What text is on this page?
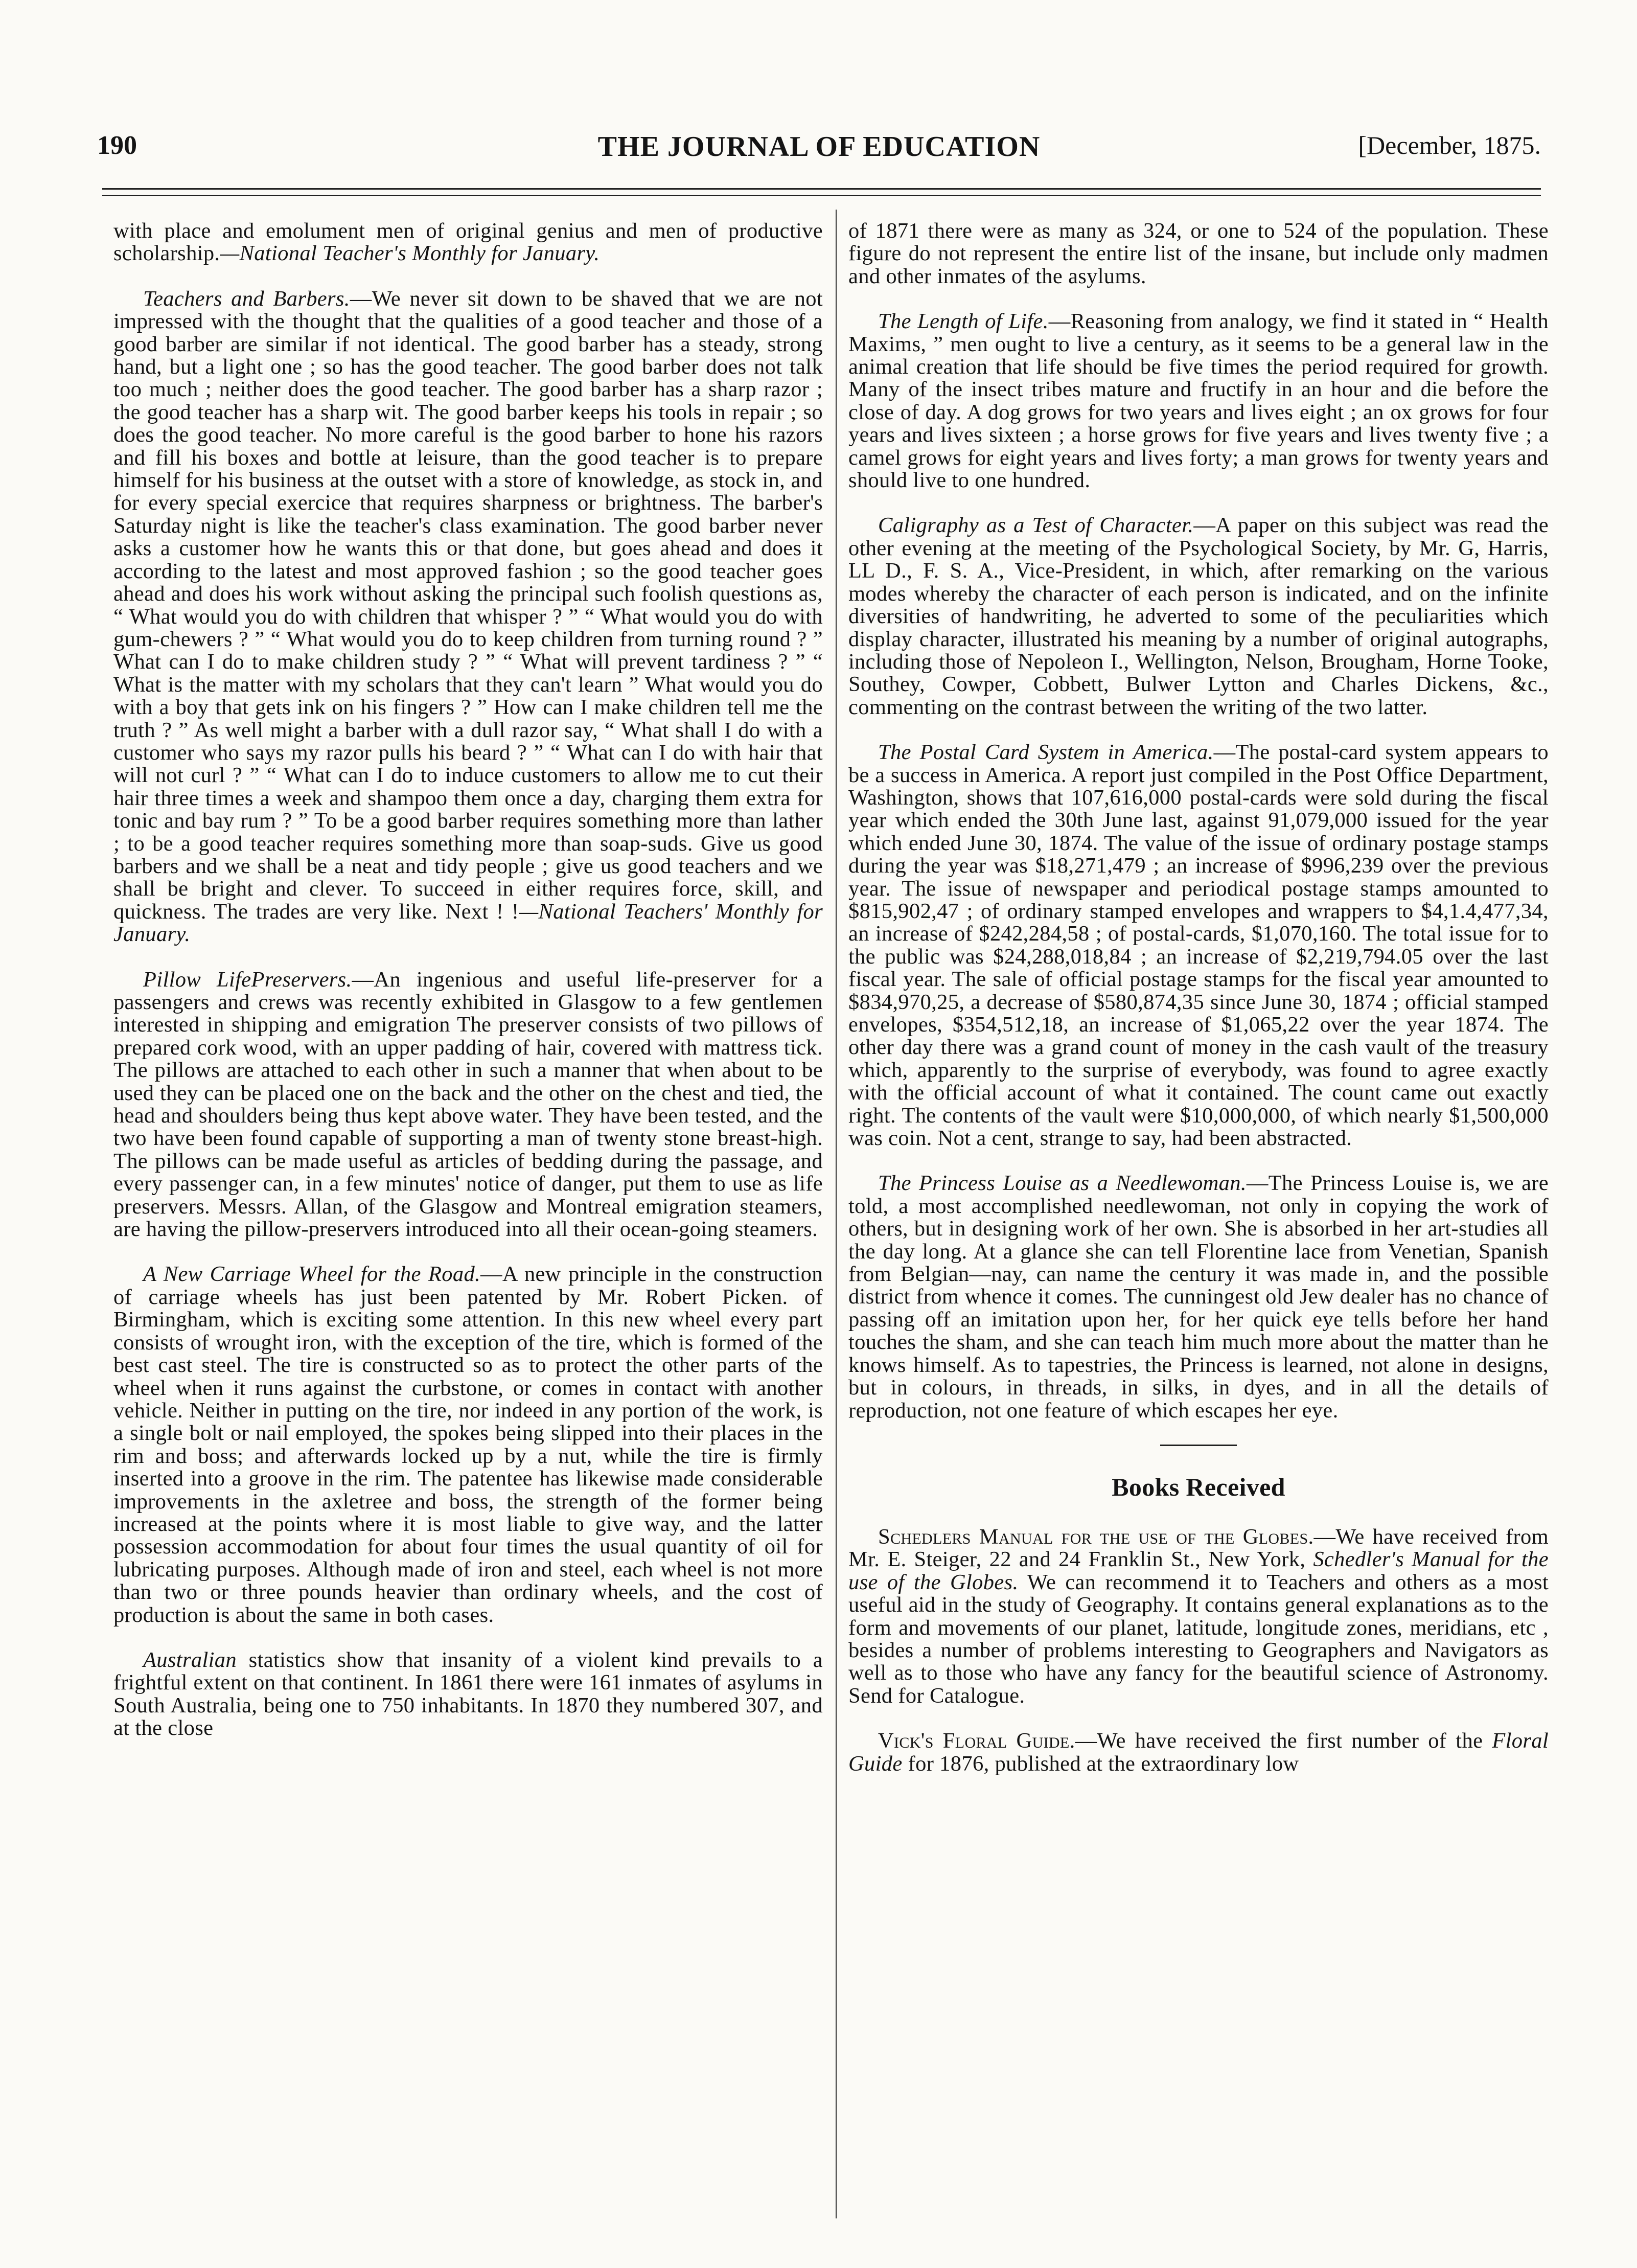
190	THE JOURNAL OF EDUCATION	[December, 1875.

with place and emolument men of original genius and men of productive scholarship.—National Teacher's Monthly for January.

Teachers and Barbers.—We never sit down to be shaved that we are not impressed with the thought that the qualities of a good teacher and those of a good barber are similar if not identical. The good barber has a steady, strong hand, but a light one ; so has the good teacher. The good barber does not talk too much ; neither does the good teacher. The good barber has a sharp razor ; the good teacher has a sharp wit. The good barber keeps his tools in repair ; so does the good teacher. No more careful is the good barber to hone his razors and fill his boxes and bottle at leisure, than the good teacher is to prepare himself for his business at the outset with a store of knowledge, as stock in, and for every special exercice that requires sharpness or brightness. The barber's Saturday night is like the teacher's class examination. The good barber never asks a customer how he wants this or that done, but goes ahead and does it according to the latest and most approved fashion ; so the good teacher goes ahead and does his work without asking the principal such foolish questions as, “ What would you do with children that whisper ? ” “ What would you do with gum-chewers ? ” “ What would you do to keep children from turning round ? ” What can I do to make children study ? ” “ What will prevent tardiness ? ” “ What is the matter with my scholars that they can't learn ” What would you do with a boy that gets ink on his fingers ? ” How can I make children tell me the truth ? ” As well might a barber with a dull razor say, “ What shall I do with a customer who says my razor pulls his beard ? ” “ What can I do with hair that will not curl ? ” “ What can I do to induce customers to allow me to cut their hair three times a week and shampoo them once a day, charging them extra for tonic and bay rum ? ” To be a good barber requires something more than lather ; to be a good teacher requires something more than soap-suds. Give us good barbers and we shall be a neat and tidy people ; give us good teachers and we shall be bright and clever. To succeed in either requires force, skill, and quickness. The trades are very like. Next ! !—National Teachers' Monthly for January.

Pillow LifePreservers.—An ingenious and useful life-preserver for a passengers and crews was recently exhibited in Glasgow to a few gentlemen interested in shipping and emigration The preserver consists of two pillows of prepared cork wood, with an upper padding of hair, covered with mattress tick. The pillows are attached to each other in such a manner that when about to be used they can be placed one on the back and the other on the chest and tied, the head and shoulders being thus kept above water. They have been tested, and the two have been found capable of supporting a man of twenty stone breast-high. The pillows can be made useful as articles of bedding during the passage, and every passenger can, in a few minutes' notice of danger, put them to use as life preservers. Messrs. Allan, of the Glasgow and Montreal emigration steamers, are having the pillow-preservers introduced into all their ocean-going steamers.

A New Carriage Wheel for the Road.—A new principle in the construction of carriage wheels has just been patented by Mr. Robert Picken. of Birmingham, which is exciting some attention. In this new wheel every part consists of wrought iron, with the exception of the tire, which is formed of the best cast steel. The tire is constructed so as to protect the other parts of the wheel when it runs against the curbstone, or comes in contact with another vehicle. Neither in putting on the tire, nor indeed in any portion of the work, is a single bolt or nail employed, the spokes being slipped into their places in the rim and boss; and afterwards locked up by a nut, while the tire is firmly inserted into a groove in the rim. The patentee has likewise made considerable improvements in the axletree and boss, the strength of the former being increased at the points where it is most liable to give way, and the latter possession accommodation for about four times the usual quantity of oil for lubricating purposes. Although made of iron and steel, each wheel is not more than two or three pounds heavier than ordinary wheels, and the cost of production is about the same in both cases.

Australian statistics show that insanity of a violent kind prevails to a frightful extent on that continent. In 1861 there were 161 inmates of asylums in South Australia, being one to 750 inhabitants. In 1870 they numbered 307, and at the close

of 1871 there were as many as 324, or one to 524 of the population. These figure do not represent the entire list of the insane, but include only madmen and other inmates of the asylums.

The Length of Life.—Reasoning from analogy, we find it stated in “ Health Maxims, ” men ought to live a century, as it seems to be a general law in the animal creation that life should be five times the period required for growth. Many of the insect tribes mature and fructify in an hour and die before the close of day. A dog grows for two years and lives eight ; an ox grows for four years and lives sixteen ; a horse grows for five years and lives twenty five ; a camel grows for eight years and lives forty; a man grows for twenty years and should live to one hundred.

Caligraphy as a Test of Character.—A paper on this subject was read the other evening at the meeting of the Psychological Society, by Mr. G, Harris, LL D., F. S. A., Vice-President, in which, after remarking on the various modes whereby the character of each person is indicated, and on the infinite diversities of handwriting, he adverted to some of the peculiarities which display character, illustrated his meaning by a number of original autographs, including those of Nepoleon I., Wellington, Nelson, Brougham, Horne Tooke, Southey, Cowper, Cobbett, Bulwer Lytton and Charles Dickens, &c., commenting on the contrast between the writing of the two latter.

The Postal Card System in America.—The postal-card system appears to be a success in America. A report just compiled in the Post Office Department, Washington, shows that 107,616,000 postal-cards were sold during the fiscal year which ended the 30th June last, against 91,079,000 issued for the year which ended June 30, 1874. The value of the issue of ordinary postage stamps during the year was $18,271,479 ; an increase of $996,239 over the previous year. The issue of newspaper and periodical postage stamps amounted to $815,902,47 ; of ordinary stamped envelopes and wrappers to $4,1.4,477,34, an increase of $242,284,58 ; of postal-cards, $1,070,160. The total issue for to the public was $24,288,018,84 ; an increase of $2,219,794.05 over the last fiscal year. The sale of official postage stamps for the fiscal year amounted to $834,970,25, a decrease of $580,874,35 since June 30, 1874 ; official stamped envelopes, $354,512,18, an increase of $1,065,22 over the year 1874. The other day there was a grand count of money in the cash vault of the treasury which, apparently to the surprise of everybody, was found to agree exactly with the official account of what it contained. The count came out exactly right. The contents of the vault were $10,000,000, of which nearly $1,500,000 was coin. Not a cent, strange to say, had been abstracted.

The Princess Louise as a Needlewoman.—The Princess Louise is, we are told, a most accomplished needlewoman, not only in copying the work of others, but in designing work of her own. She is absorbed in her art-studies all the day long. At a glance she can tell Florentine lace from Venetian, Spanish from Belgian—nay, can name the century it was made in, and the possible district from whence it comes. The cunningest old Jew dealer has no chance of passing off an imitation upon her, for her quick eye tells before her hand touches the sham, and she can teach him much more about the matter than he knows himself. As to tapestries, the Princess is learned, not alone in designs, but in colours, in threads, in silks, in dyes, and in all the details of reproduction, not one feature of which escapes her eye.

Books Received

Schedlers Manual for the use of the Globes.—We have received from Mr. E. Steiger, 22 and 24 Franklin St., New York, Schedler's Manual for the use of the Globes. We can recommend it to Teachers and others as a most useful aid in the study of Geography. It contains general explanations as to the form and movements of our planet, latitude, longitude zones, meridians, etc , besides a number of problems interesting to Geographers and Navigators as well as to those who have any fancy for the beautiful science of Astronomy. Send for Catalogue.

Vick's Floral Guide.—We have received the first number of the Floral Guide for 1876, published at the extraordinary low
